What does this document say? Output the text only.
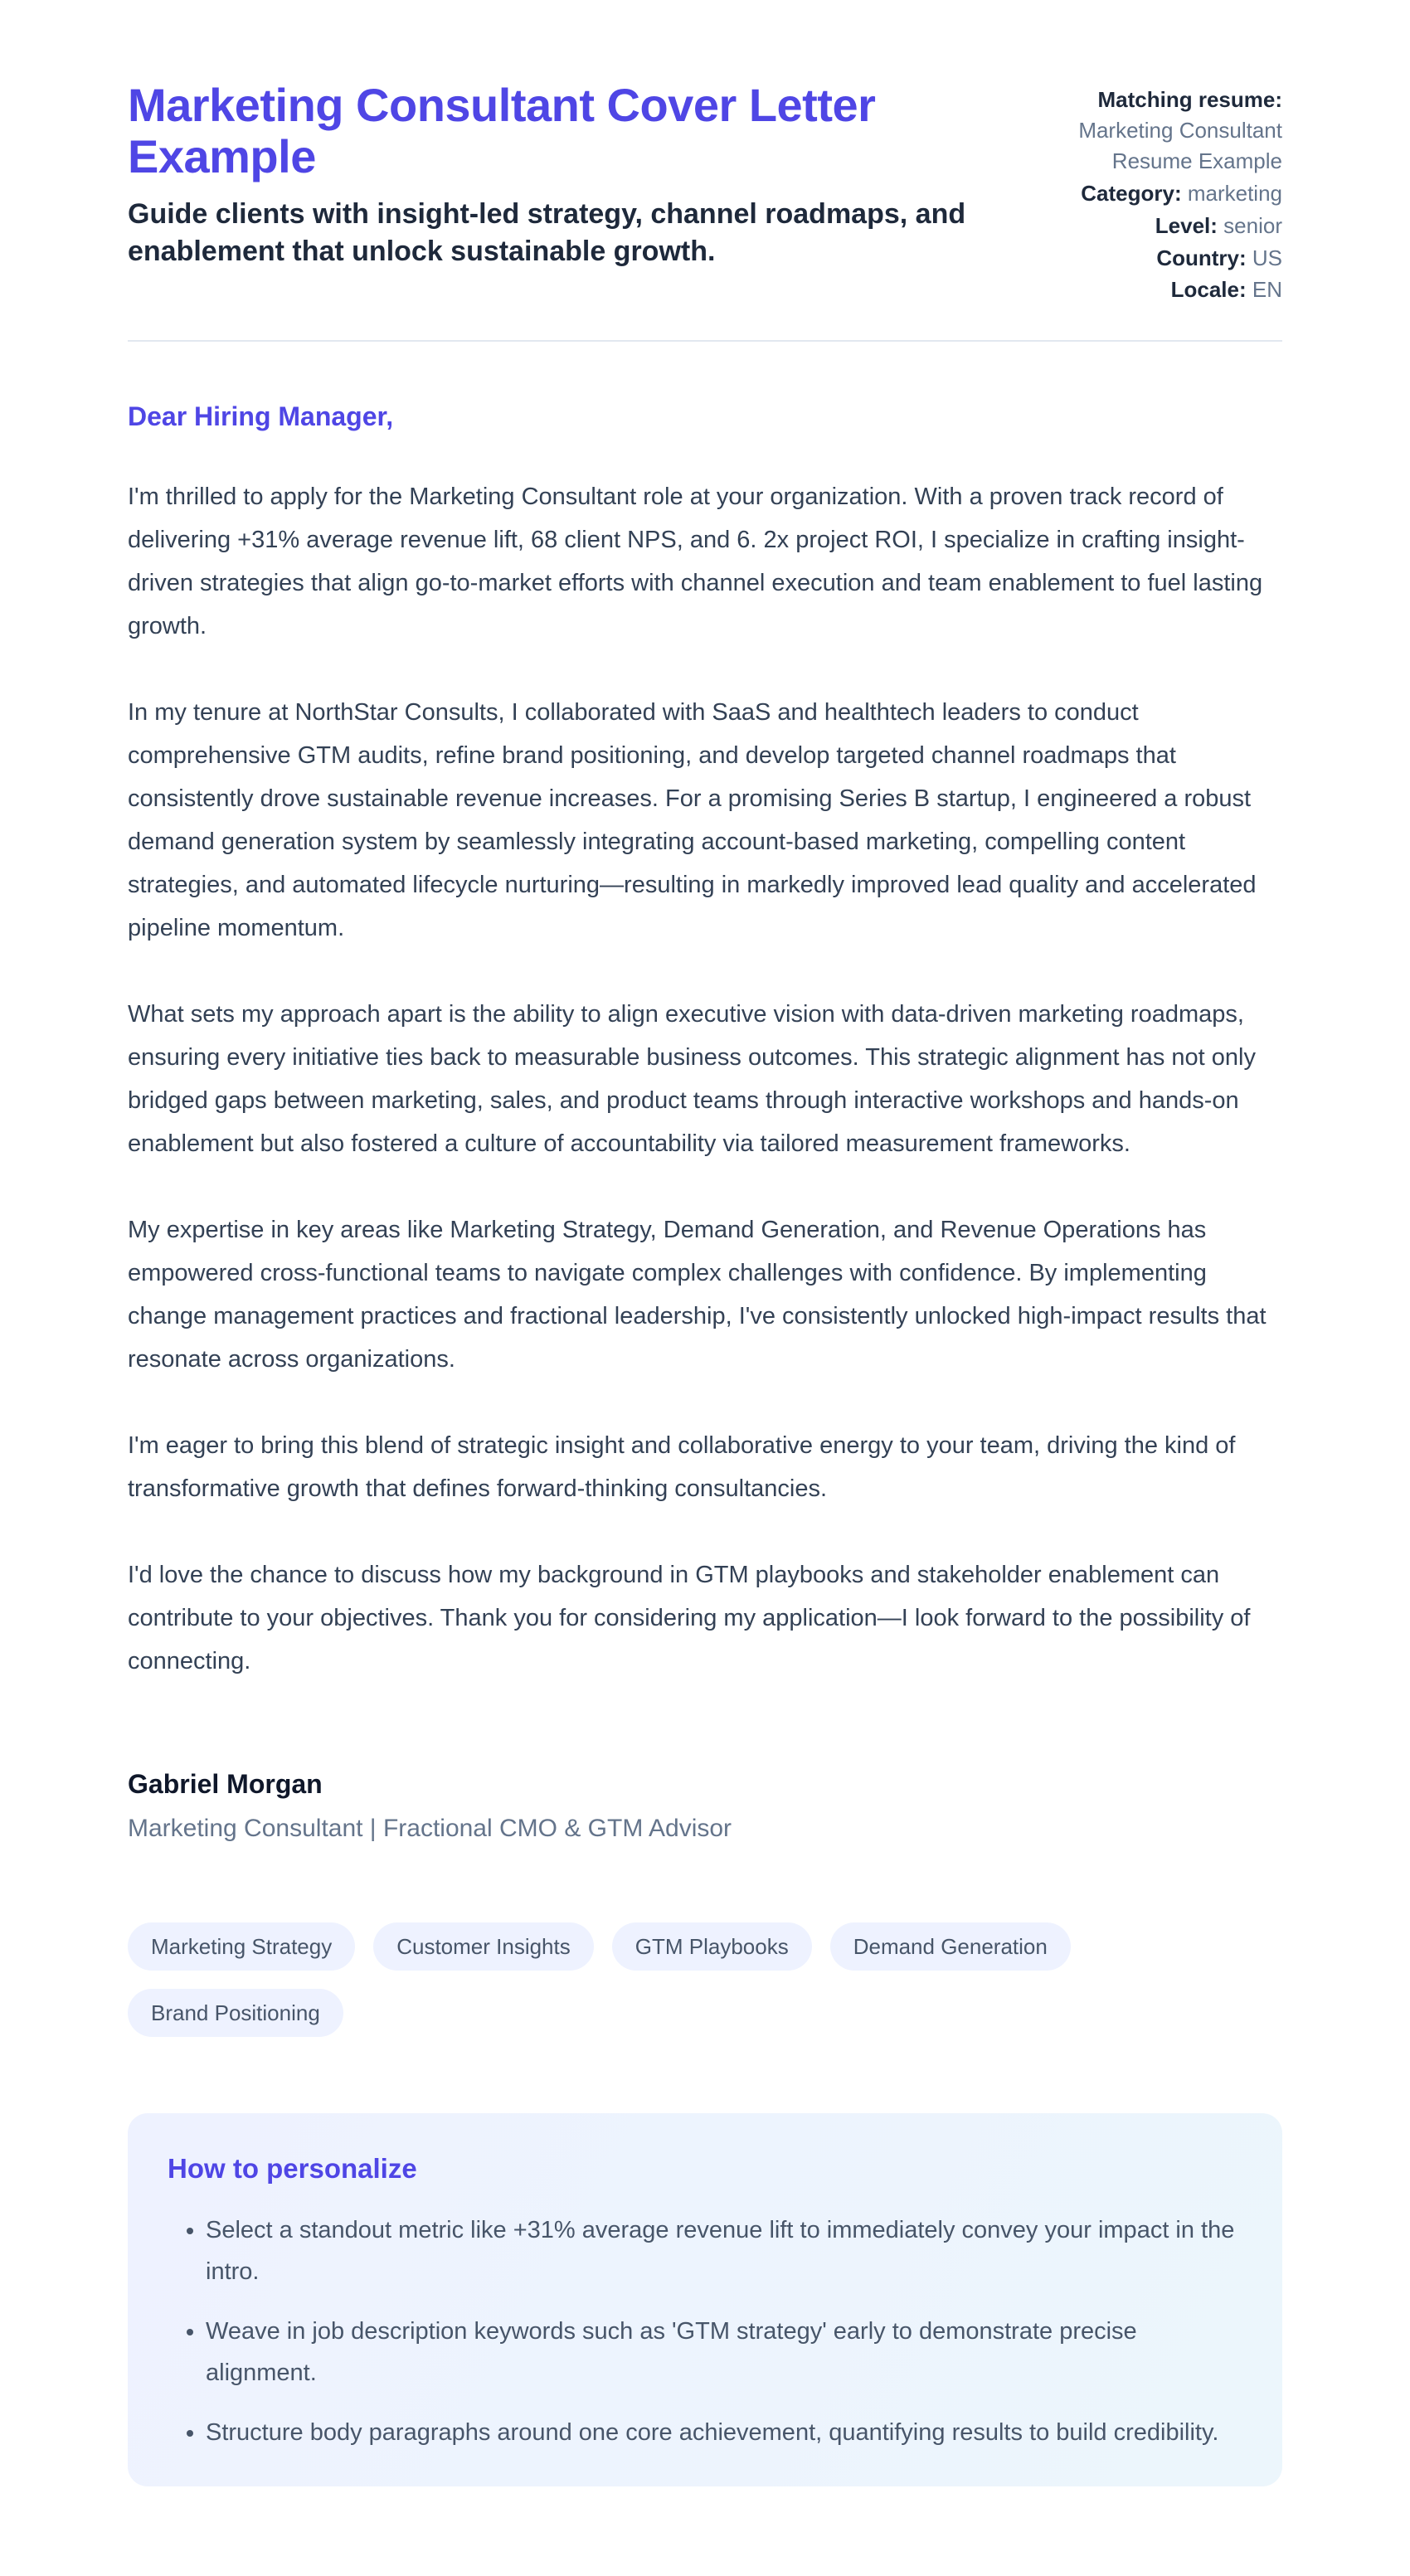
Marketing Consultant Cover Letter Example

Guide clients with insight-led strategy, channel roadmaps, and enablement that unlock sustainable growth.

Matching resume:
Marketing Consultant Resume Example
Category: marketing
Level: senior
Country: US
Locale: EN

Dear Hiring Manager,

I'm thrilled to apply for the Marketing Consultant role at your organization. With a proven track record of delivering +31% average revenue lift, 68 client NPS, and 6. 2x project ROI, I specialize in crafting insight-driven strategies that align go-to-market efforts with channel execution and team enablement to fuel lasting growth.

In my tenure at NorthStar Consults, I collaborated with SaaS and healthtech leaders to conduct comprehensive GTM audits, refine brand positioning, and develop targeted channel roadmaps that consistently drove sustainable revenue increases. For a promising Series B startup, I engineered a robust demand generation system by seamlessly integrating account-based marketing, compelling content strategies, and automated lifecycle nurturing—resulting in markedly improved lead quality and accelerated pipeline momentum.

What sets my approach apart is the ability to align executive vision with data-driven marketing roadmaps, ensuring every initiative ties back to measurable business outcomes. This strategic alignment has not only bridged gaps between marketing, sales, and product teams through interactive workshops and hands-on enablement but also fostered a culture of accountability via tailored measurement frameworks.

My expertise in key areas like Marketing Strategy, Demand Generation, and Revenue Operations has empowered cross-functional teams to navigate complex challenges with confidence. By implementing change management practices and fractional leadership, I've consistently unlocked high-impact results that resonate across organizations.

I'm eager to bring this blend of strategic insight and collaborative energy to your team, driving the kind of transformative growth that defines forward-thinking consultancies.

I'd love the chance to discuss how my background in GTM playbooks and stakeholder enablement can contribute to your objectives. Thank you for considering my application—I look forward to the possibility of connecting.

Gabriel Morgan

Marketing Consultant | Fractional CMO & GTM Advisor

Marketing Strategy	Customer Insights	GTM Playbooks	Demand Generation
Brand Positioning
How to personalize
• Select a standout metric like +31% average revenue lift to immediately convey your impact in the intro.
• Weave in job description keywords such as 'GTM strategy' early to demonstrate precise alignment.
• Structure body paragraphs around one core achievement, quantifying results to build credibility.
